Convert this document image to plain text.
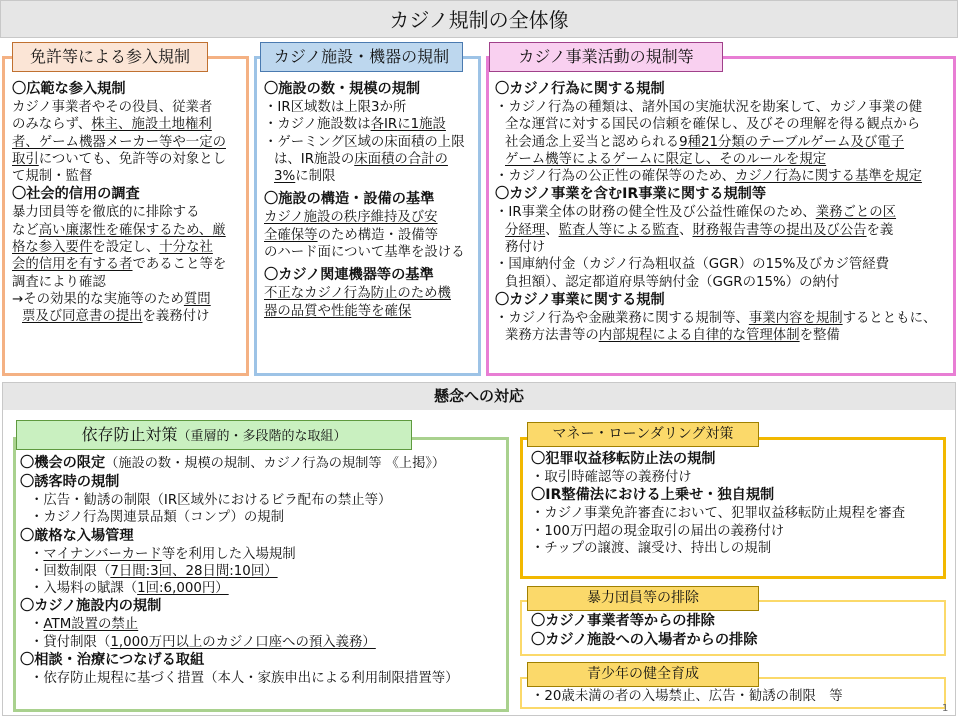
カジノ規制の全体像
免許等による参入規制
〇広範な参入規制
カジノ事業者やその役員、従業者
のみならず、株主、施設土地権利
者、ゲーム機器メーカー等や一定の
取引についても、免許等の対象とし
て規制・監督
〇社会的信用の調査
暴力団員等を徹底的に排除する
など高い廉潔性を確保するため、厳
格な参入要件を設定し、十分な社
会的信用を有する者であること等を
調査により確認
→その効果的な実施等のため質問
票及び同意書の提出を義務付け
カジノ施設・機器の規制
〇施設の数・規模の規制
・IR区域数は上限3か所
・カジノ施設数は各IRに1施設
・ゲーミング区域の床面積の上限
は、IR施設の床面積の合計の
3%に制限
〇施設の構造・設備の基準
カジノ施設の秩序維持及び安
全確保等のため構造・設備等
のハード面について基準を設ける
〇カジノ関連機器等の基準
不正なカジノ行為防止のため機
器の品質や性能等を確保
カジノ事業活動の規制等
〇カジノ行為に関する規制
・カジノ行為の種類は、諸外国の実施状況を勘案して、カジノ事業の健
全な運営に対する国民の信頼を確保し、及びその理解を得る観点から
社会通念上妥当と認められる9種21分類のテーブルゲーム及び電子
ゲーム機等によるゲームに限定し、そのルールを規定
・カジノ行為の公正性の確保等のため、カジノ行為に関する基準を規定
〇カジノ事業を含むIR事業に関する規制等
・IR事業全体の財務の健全性及び公益性確保のため、業務ごとの区
分経理、監査人等による監査、財務報告書等の提出及び公告を義
務付け
・国庫納付金（カジノ行為粗収益（GGR）の15%及びカジ管経費
負担額）、認定都道府県等納付金（GGRの15%）の納付
〇カジノ事業に関する規制
・カジノ行為や金融業務に関する規制等、事業内容を規制するとともに、
業務方法書等の内部規程による自律的な管理体制を整備
懸念への対応
依存防止対策（重層的・多段階的な取組）
〇機会の限定（施設の数・規模の規制、カジノ行為の規制等 《上掲》）
〇誘客時の規制
・広告・勧誘の制限（IR区域外におけるビラ配布の禁止等）
・カジノ行為関連景品類（コンプ）の規制
〇厳格な入場管理
・マイナンバーカード等を利用した入場規制
・回数制限（7日間:3回、28日間:10回）
・入場料の賦課（1回:6,000円）
〇カジノ施設内の規制
・ATM設置の禁止
・貸付制限（1,000万円以上のカジノ口座への預入義務）
〇相談・治療につなげる取組
・依存防止規程に基づく措置（本人・家族申出による利用制限措置等）
マネー・ローンダリング対策
〇犯罪収益移転防止法の規制
・取引時確認等の義務付け
〇IR整備法における上乗せ・独自規制
・カジノ事業免許審査において、犯罪収益移転防止規程を審査
・100万円超の現金取引の届出の義務付け
・チップの譲渡、譲受け、持出しの規制
暴力団員等の排除
〇カジノ事業者等からの排除
〇カジノ施設への入場者からの排除
青少年の健全育成
・20歳未満の者の入場禁止、広告・勧誘の制限　等
1
